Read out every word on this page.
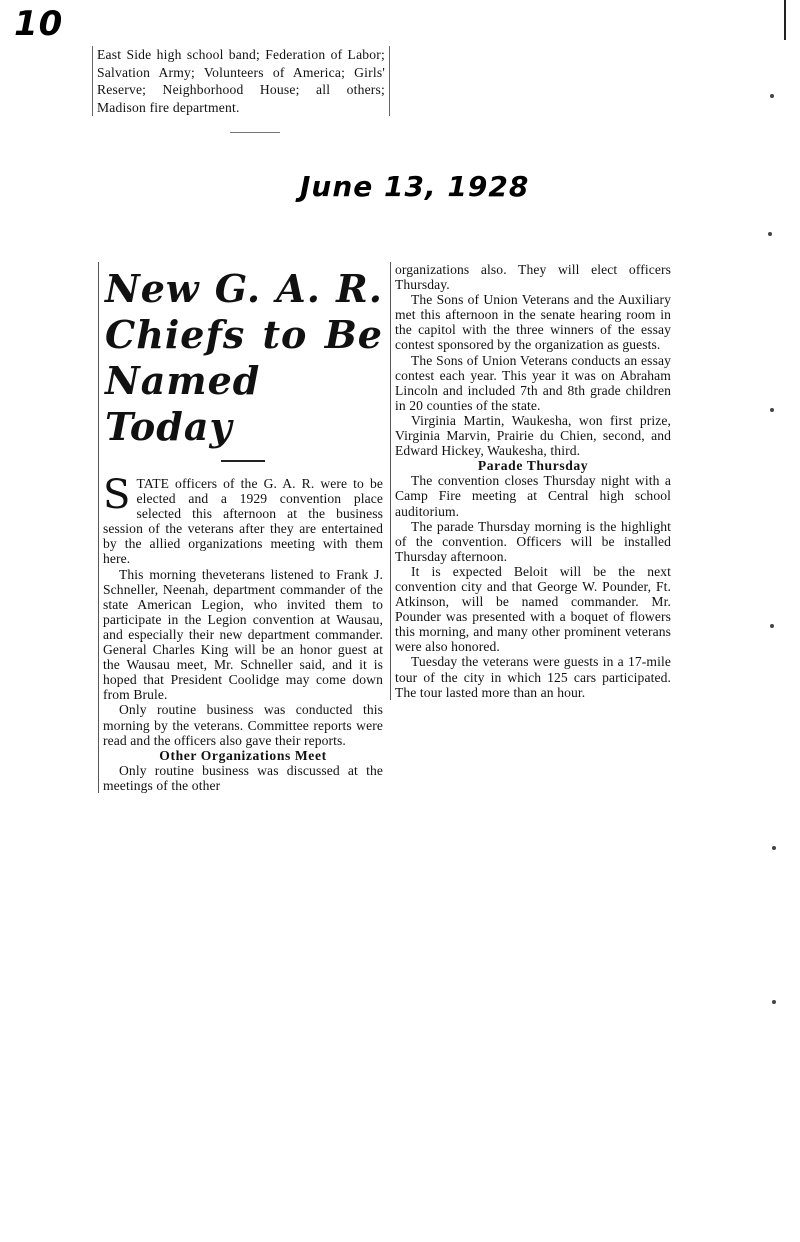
10
East Side high school band; Federation of Labor; Salvation Army; Volunteers of America; Girls' Reserve; Neighborhood House; all others; Madison fire department.
June 13, 1928
New G. A. R. Chiefs to Be Named Today

STATE officers of the G. A. R. were to be elected and a 1929 convention place selected this afternoon at the business session of the veterans after they are entertained by the allied organizations meeting with them here.

This morning theveterans listened to Frank J. Schneller, Neenah, department commander of the state American Legion, who invited them to participate in the Legion convention at Wausau, and especially their new department commander. General Charles King will be an honor guest at the Wausau meet, Mr. Schneller said, and it is hoped that President Coolidge may come down from Brule.

Only routine business was conducted this morning by the veterans. Committee reports were read and the officers also gave their reports.

Other Organizations Meet

Only routine business was discussed at the meetings of the other

organizations also. They will elect officers Thursday.

The Sons of Union Veterans and the Auxiliary met this afternoon in the senate hearing room in the capitol with the three winners of the essay contest sponsored by the organization as guests.

The Sons of Union Veterans conducts an essay contest each year. This year it was on Abraham Lincoln and included 7th and 8th grade children in 20 counties of the state.

Virginia Martin, Waukesha, won first prize, Virginia Marvin, Prairie du Chien, second, and Edward Hickey, Waukesha, third.

Parade Thursday

The convention closes Thursday night with a Camp Fire meeting at Central high school auditorium.

The parade Thursday morning is the highlight of the convention. Officers will be installed Thursday afternoon.

It is expected Beloit will be the next convention city and that George W. Pounder, Ft. Atkinson, will be named commander. Mr. Pounder was presented with a boquet of flowers this morning, and many other prominent veterans were also honored.

Tuesday the veterans were guests in a 17-mile tour of the city in which 125 cars participated. The tour lasted more than an hour.
